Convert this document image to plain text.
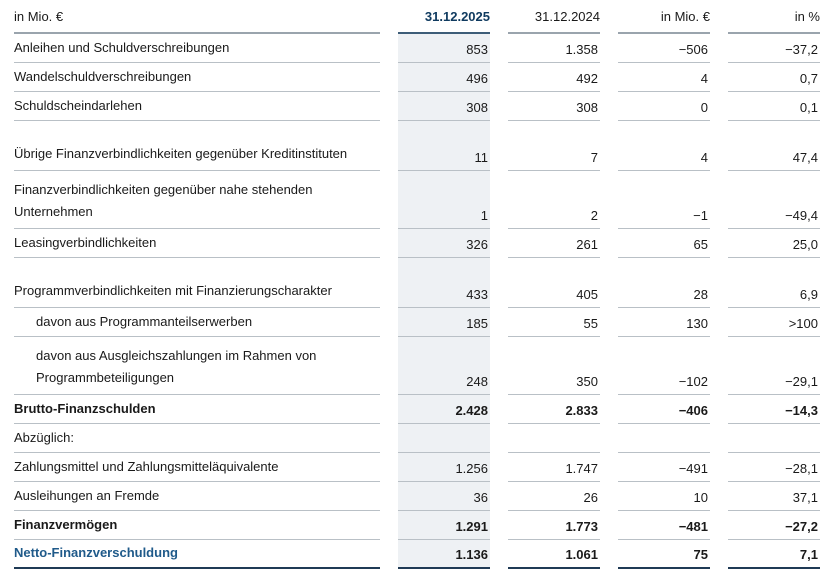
in Mio. €		31.12.2025		31.12.2024		in Mio. €		in %
Anleihen und Schuldverschreibungen		853		1.358		−506		−37,2
Wandelschuldverschreibungen		496		492		4		0,7
Schuldscheindarlehen		308		308		0		0,1
Übrige Finanzverbindlichkeiten gegenüber Kreditinstituten		11		7		4		47,4
Finanzverbindlichkeiten gegenüber nahe stehenden Unternehmen		1		2		−1		−49,4
Leasingverbindlichkeiten		326		261		65		25,0
Programmverbindlichkeiten mit Finanzierungscharakter		433		405		28		6,9
davon aus Programmanteilserwerben		185		55		130		>100
davon aus Ausgleichszahlungen im Rahmen von Programmbeteiligungen		248		350		−102		−29,1
Brutto-Finanzschulden		2.428		2.833		−406		−14,3
Abzüglich:								
Zahlungsmittel und Zahlungsmitteläquivalente		1.256		1.747		−491		−28,1
Ausleihungen an Fremde		36		26		10		37,1
Finanzvermögen		1.291		1.773		−481		−27,2
Netto-Finanzverschuldung		1.136		1.061		75		7,1
